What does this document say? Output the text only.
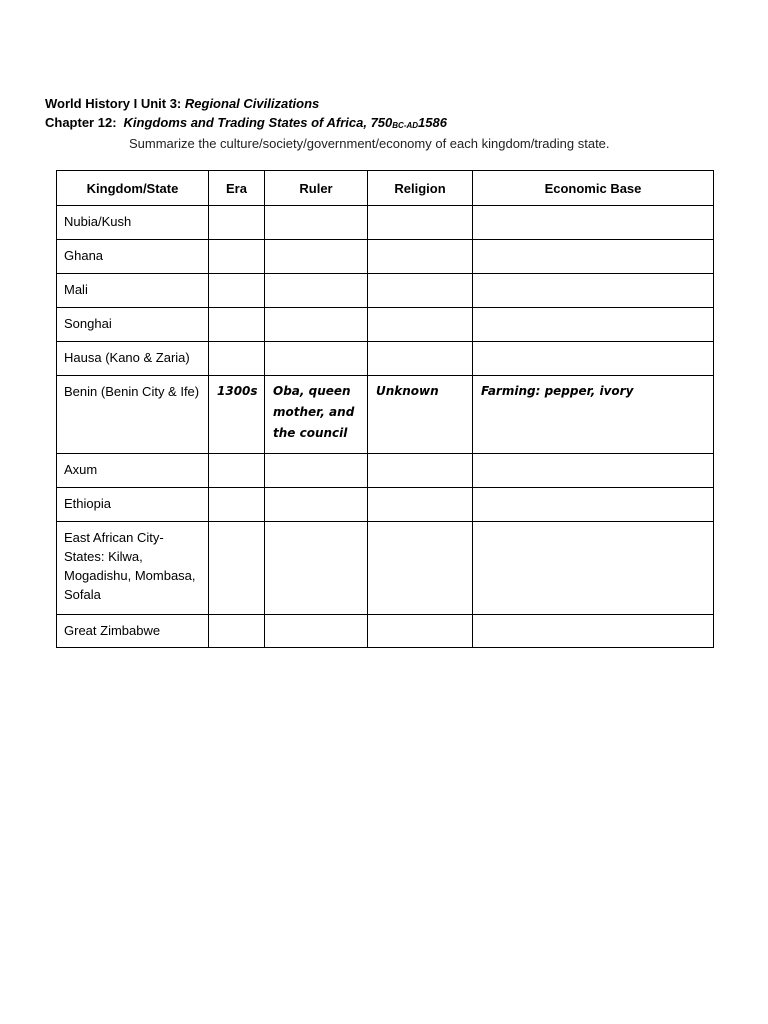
World History I Unit 3: Regional Civilizations
Chapter 12: Kingdoms and Trading States of Africa, 750BC-AD1586
Summarize the culture/society/government/economy of each kingdom/trading state.
Kingdom/State	Era	Ruler	Religion	Economic Base

Nubia/Kush				

Ghana				

Mali				

Songhai				

Hausa (Kano & Zaria)				

Benin (Benin City & Ife)	1300s	Oba, queen mother, and the council	Unknown	Farming: pepper, ivory

Axum				

Ethiopia				

East African City-States: Kilwa, Mogadishu, Mombasa, Sofala				

Great Zimbabwe				
